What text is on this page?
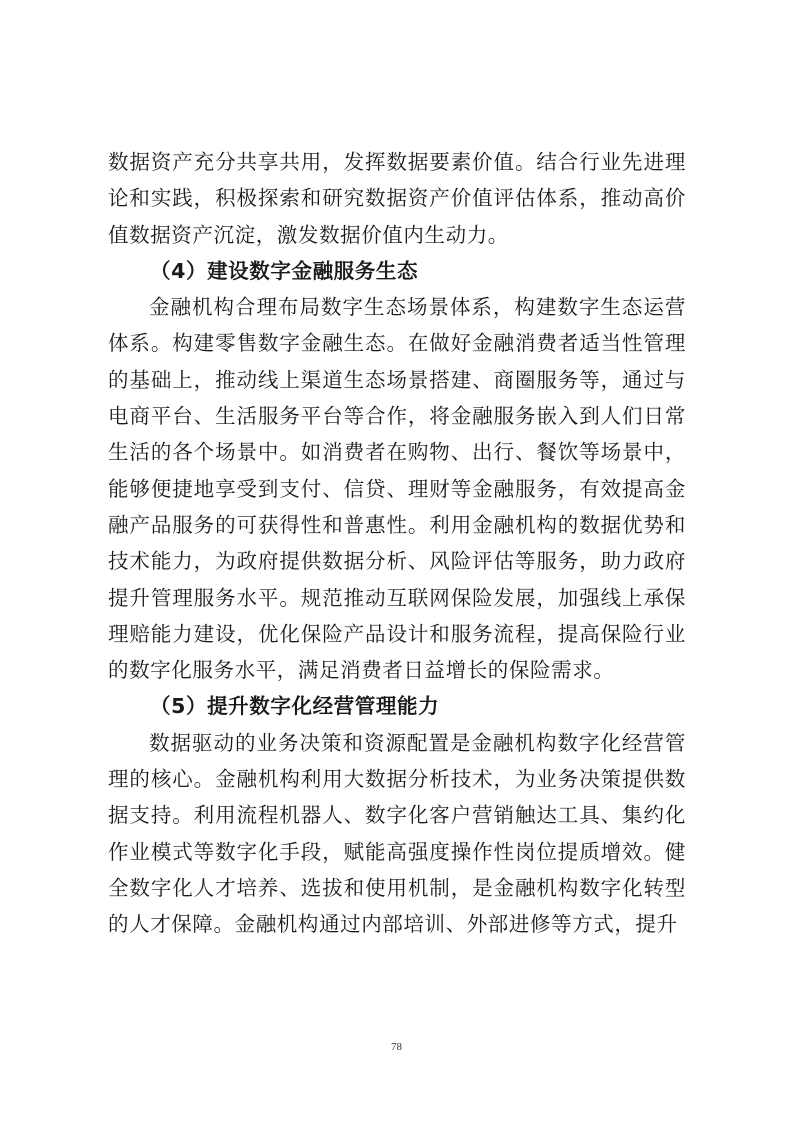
数据资产充分共享共用，发挥数据要素价值。结合行业先进理论和实践，积极探索和研究数据资产价值评估体系，推动高价值数据资产沉淀，激发数据价值内生动力。

（4）建设数字金融服务生态

金融机构合理布局数字生态场景体系，构建数字生态运营体系。构建零售数字金融生态。在做好金融消费者适当性管理的基础上，推动线上渠道生态场景搭建、商圈服务等，通过与电商平台、生活服务平台等合作，将金融服务嵌入到人们日常生活的各个场景中。如消费者在购物、出行、餐饮等场景中，能够便捷地享受到支付、信贷、理财等金融服务，有效提高金融产品服务的可获得性和普惠性。利用金融机构的数据优势和技术能力，为政府提供数据分析、风险评估等服务，助力政府提升管理服务水平。规范推动互联网保险发展，加强线上承保理赔能力建设，优化保险产品设计和服务流程，提高保险行业的数字化服务水平，满足消费者日益增长的保险需求。

（5）提升数字化经营管理能力

数据驱动的业务决策和资源配置是金融机构数字化经营管理的核心。金融机构利用大数据分析技术，为业务决策提供数据支持。利用流程机器人、数字化客户营销触达工具、集约化作业模式等数字化手段，赋能高强度操作性岗位提质增效。健全数字化人才培养、选拔和使用机制，是金融机构数字化转型的人才保障。金融机构通过内部培训、外部进修等方式，提升

78
